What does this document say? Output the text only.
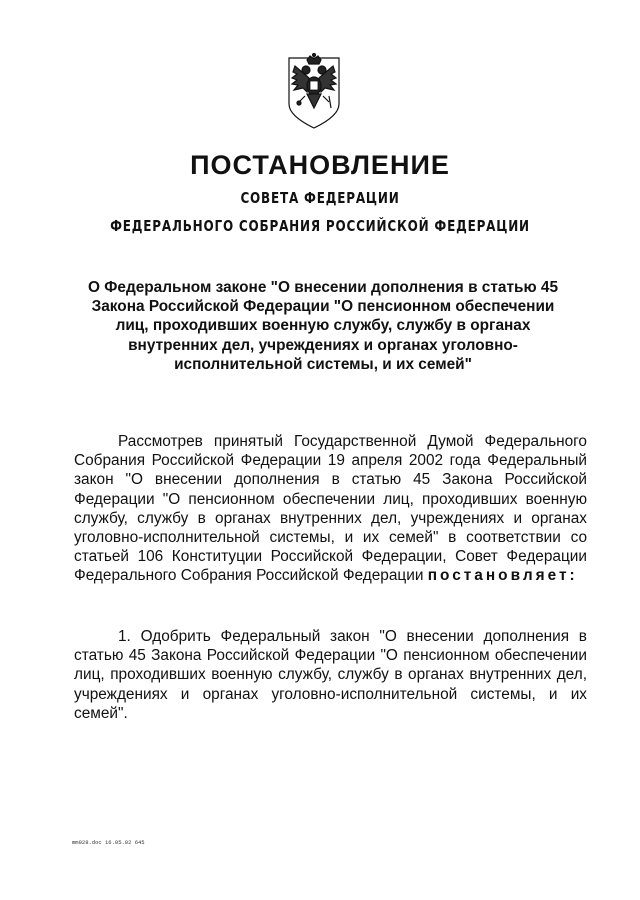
ПОСТАНОВЛЕНИЕ
СОВЕТА ФЕДЕРАЦИИ
ФЕДЕРАЛЬНОГО СОБРАНИЯ РОССИЙСКОЙ ФЕДЕРАЦИИ
О Федеральном законе "О внесении дополнения в статью 45 Закона Российской Федерации "О пенсионном обеспечении лиц, проходивших военную службу, службу в органах внутренних дел, учреждениях и органах уголовно-исполнительной системы, и их семей"

Рассмотрев принятый Государственной Думой Федерального Собрания Российской Федерации 19 апреля 2002 года Федеральный закон "О внесении дополнения в статью 45 Закона Российской Федерации "О пенсионном обеспечении лиц, проходивших военную службу, службу в органах внутренних дел, учреждениях и органах уголовно-исполнительной системы, и их семей" в соответствии со статьей 106 Конституции Российской Федерации, Совет Федерации Федерального Собрания Российской Федерации постановляет:

1. Одобрить Федеральный закон "О внесении дополнения в статью 45 Закона Российской Федерации "О пенсионном обеспечении лиц, проходивших военную службу, службу в органах внутренних дел, учреждениях и органах уголовно-исполнительной системы, и их семей".

mm928.doc 16.05.02 645
